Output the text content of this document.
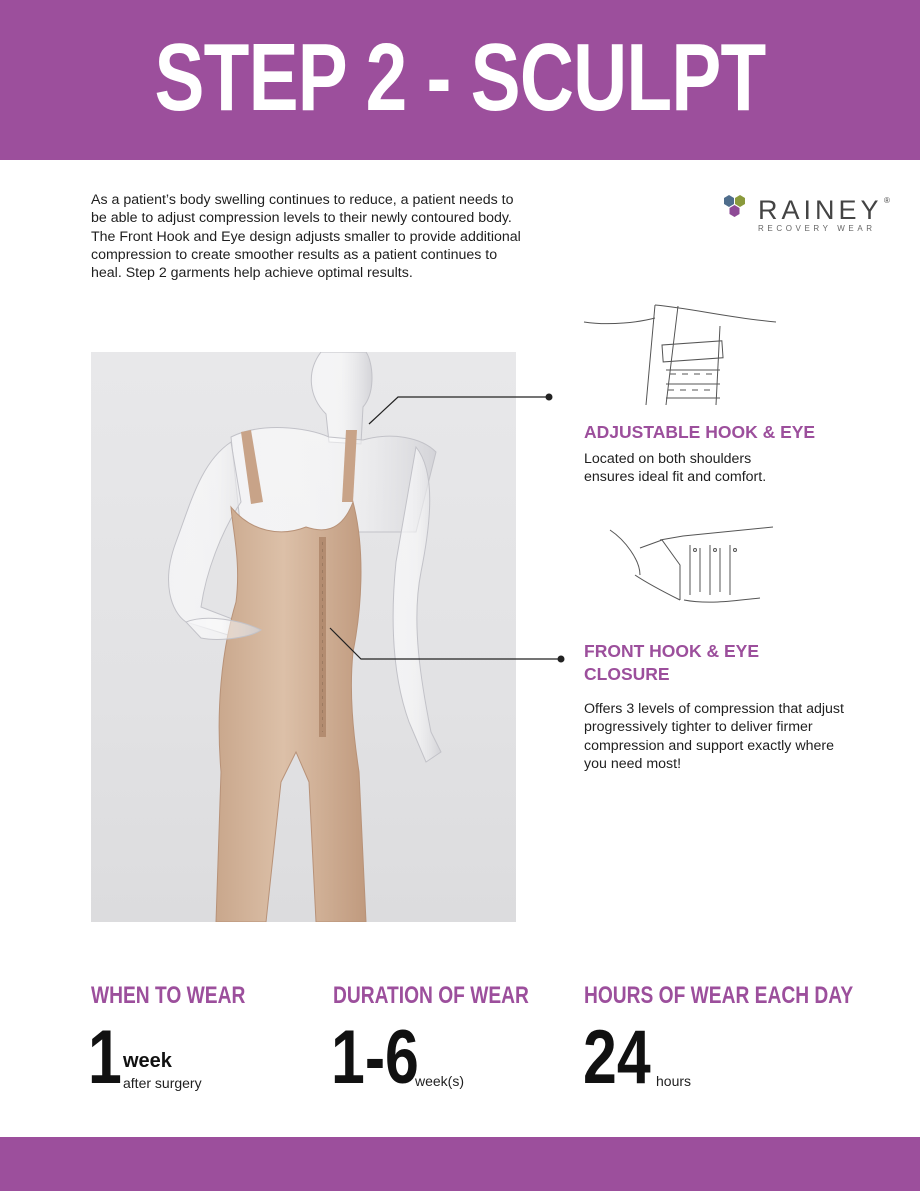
STEP 2 - SCULPT

As a patient’s body swelling continues to reduce, a patient needs to be able to adjust compression levels to their newly contoured body. The Front Hook and Eye design adjusts smaller to provide additional compression to create smoother results as a patient continues to heal. Step 2 garments help achieve optimal results.

RAINEY ®
RECOVERY WEAR

ADJUSTABLE HOOK & EYE

Located on both shoulders ensures ideal fit and comfort.

FRONT HOOK & EYE

CLOSURE

Offers 3 levels of compression that adjust progressively tighter to deliver firmer compression and support exactly where you need most!

WHEN TO WEAR

1 week
after surgery

DURATION OF WEAR

1-6
week(s)

HOURS OF WEAR EACH DAY

24 hours
